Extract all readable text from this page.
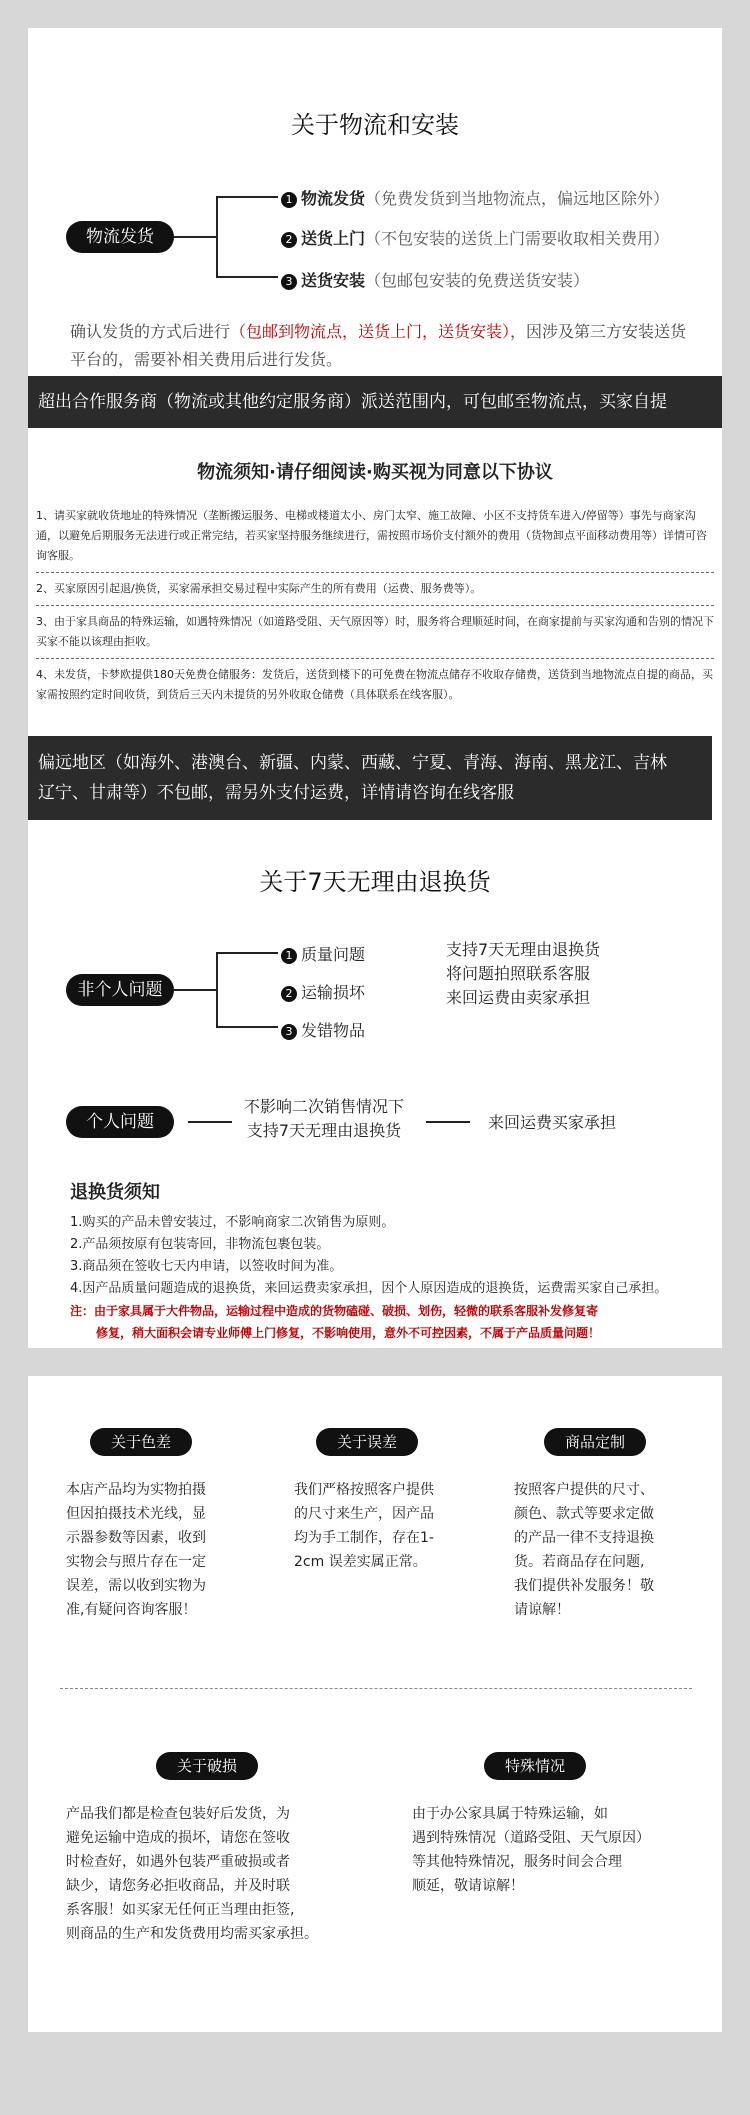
关于物流和安装
物流发货
1 物流发货（免费发货到当地物流点，偏远地区除外）
2 送货上门（不包安装的送货上门需要收取相关费用）
3 送货安装（包邮包安装的免费送货安装）
确认发货的方式后进行（包邮到物流点，送货上门，送货安装），因涉及第三方安装送货平台的，需要补相关费用后进行发货。
超出合作服务商（物流或其他约定服务商）派送范围内，可包邮至物流点，买家自提
物流须知·请仔细阅读·购买视为同意以下协议

1、请买家就收货地址的特殊情况（垄断搬运服务、电梯或楼道太小、房门太窄、施工故障、小区不支持货车进入/停留等）事先与商家沟通，以避免后期服务无法进行或正常完结，若买家坚持服务继续进行，需按照市场价支付额外的费用（货物卸点平面移动费用等）详情可咨询客服。

2、买家原因引起退/换货，买家需承担交易过程中实际产生的所有费用（运费、服务费等）。

3、由于家具商品的特殊运输，如遇特殊情况（如道路受阻、天气原因等）时，服务将合理顺延时间，在商家提前与买家沟通和告别的情况下买家不能以该理由拒收。

4、未发货，卡梦欧提供180天免费仓储服务：发货后，送货到楼下的可免费在物流点储存不收取存储费，送货到当地物流点自提的商品，买家需按照约定时间收货，到货后三天内未提货的另外收取仓储费（具体联系在线客服）。

偏远地区（如海外、港澳台、新疆、内蒙、西藏、宁夏、青海、海南、黑龙江、吉林
辽宁、甘肃等）不包邮，需另外支付运费，详情请咨询在线客服
关于7天无理由退换货
非个人问题
1 质量问题
2 运输损坏
3 发错物品
支持7天无理由退换货
将问题拍照联系客服
来回运费由卖家承担
个人问题
不影响二次销售情况下
支持7天无理由退换货	来回运费买家承担
退换货须知
1.购买的产品未曾安装过，不影响商家二次销售为原则。
2.产品须按原有包装寄回，非物流包裹包装。
3.商品须在签收七天内申请，以签收时间为准。
4.因产品质量问题造成的退换货，来回运费卖家承担，因个人原因造成的退换货，运费需买家自己承担。
注：由于家具属于大件物品，运输过程中造成的货物磕碰、破损、划伤，轻微的联系客服补发修复寄
修复，稍大面积会请专业师傅上门修复，不影响使用，意外不可控因素，不属于产品质量问题！
关于色差	关于误差	商品定制
本店产品均为实物拍摄
但因拍摄技术光线，显
示器参数等因素，收到
实物会与照片存在一定
误差，需以收到实物为
准,有疑问咨询客服！
我们严格按照客户提供
的尺寸来生产，因产品
均为手工制作，存在1-
2cm 误差实属正常。
按照客户提供的尺寸、
颜色、款式等要求定做
的产品一律不支持退换
货。若商品存在问题,
我们提供补发服务！敬
请谅解！
关于破损	特殊情况
产品我们都是检查包装好后发货，为
避免运输中造成的损坏，请您在签收
时检查好，如遇外包装严重破损或者
缺少，请您务必拒收商品，并及时联
系客服！如买家无任何正当理由拒签,
则商品的生产和发货费用均需买家承担。
由于办公家具属于特殊运输，如
遇到特殊情况（道路受阻、天气原因）
等其他特殊情况，服务时间会合理
顺延，敬请谅解！
